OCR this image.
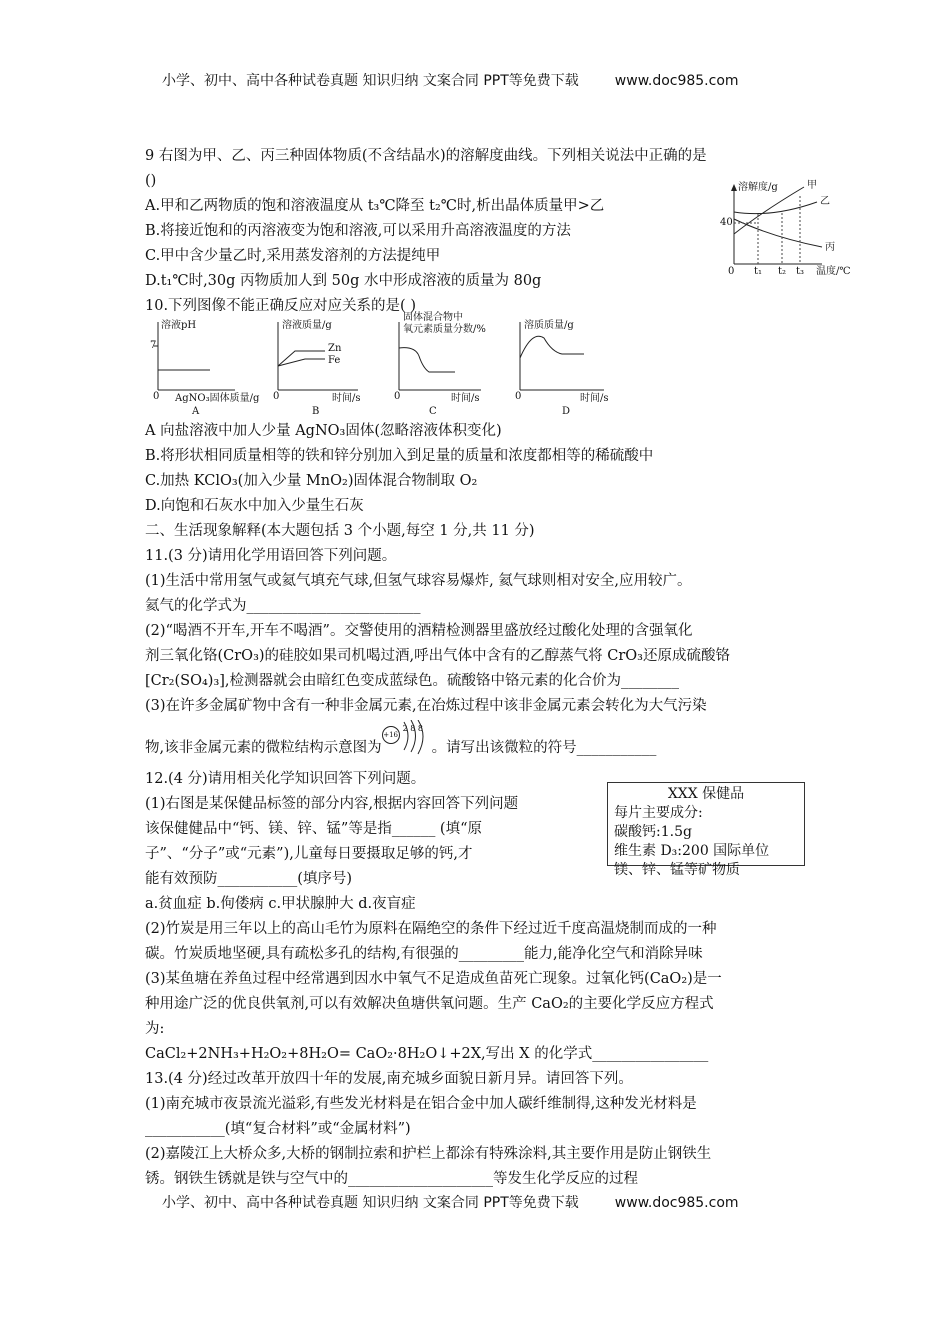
小学、初中、高中各种试卷真题 知识归纳 文案合同 PPT等免费下载	www.doc985.com
9 右图为甲、乙、丙三种固体物质(不含结晶水)的溶解度曲线。下列相关说法中正确的是
()
A.甲和乙两物质的饱和溶液温度从 t₃℃降至 t₂℃时,析出晶体质量甲>乙
B.将接近饱和的丙溶液变为饱和溶液,可以采用升高溶液温度的方法
C.甲中含少量乙时,采用蒸发溶剂的方法提纯甲
D.t₁℃时,30g 丙物质加人到 50g 水中形成溶液的质量为 80g
溶解度/g	甲
乙
丙
40
0 t₁ t₂ t₃ 温度/℃
10.下列图像不能正确反应对应关系的是( )
溶液pH
7
0 AgNO₃固体质量/g
A
溶液质量/g
Zn
Fe
0	时间/s
B
固体混合物中
氧元素质量分数/%
0	时间/s
C
溶质质量/g
0	时间/s
D
A 向盐溶液中加人少量 AgNO₃固体(忽略溶液体积变化)
B.将形状相同质量相等的铁和锌分别加入到足量的质量和浓度都相等的稀硫酸中
C.加热 KClO₃(加入少量 MnO₂)固体混合物制取 O₂
D.向饱和石灰水中加入少量生石灰
二、生活现象解释(本大题包括 3 个小题,每空 1 分,共 11 分)
11.(3 分)请用化学用语回答下列问题。
(1)生活中常用氢气或氦气填充气球,但氢气球容易爆炸, 氦气球则相对安全,应用较广。
氦气的化学式为________________________
(2)“喝酒不开车,开车不喝酒”。交警使用的酒精检测器里盛放经过酸化处理的含强氧化
剂三氧化铬(CrO₃)的硅胶如果司机喝过酒,呼出气体中含有的乙醇蒸气将 CrO₃还原成硫酸铬
[Cr₂(SO₄)₃],检测器就会由暗红色变成蓝绿色。硫酸铬中铬元素的化合价为________
(3)在许多金属矿物中含有一种非金属元素,在冶炼过程中该非金属元素会转化为大气污染
物,该非金属元素的微粒结构示意图为
+16
2 8 8
。请写出该微粒的符号___________
12.(4 分)请用相关化学知识回答下列问题。
(1)右图是某保健品标签的部分内容,根据内容回答下列问题
该保健健品中“钙、镁、锌、锰”等是指______ (填“原
子”、“分子”或“元素”),儿童每日要摄取足够的钙,才
能有效预防___________(填序号)
a.贫血症 b.佝偻病 c.甲状腺肿大 d.夜盲症
(2)竹炭是用三年以上的高山毛竹为原料在隔绝空的条件下经过近千度高温烧制而成的一种
碳。竹炭质地坚硬,具有疏松多孔的结构,有很强的_________能力,能净化空气和消除异味
(3)某鱼塘在养鱼过程中经常遇到因水中氧气不足造成鱼苗死亡现象。过氧化钙(CaO₂)是一
种用途广泛的优良供氧剂,可以有效解决鱼塘供氧问题。生产 CaO₂的主要化学反应方程式
为:
CaCl₂+2NH₃+H₂O₂+8H₂O= CaO₂·8H₂O↓+2X,写出 X 的化学式________________
XXX 保健品
每片主要成分:
碳酸钙:1.5g
维生素 D₃:200 国际单位
镁、锌、锰等矿物质
13.(4 分)经过改革开放四十年的发展,南充城乡面貌日新月异。请回答下列。
(1)南充城市夜景流光溢彩,有些发光材料是在铝合金中加人碳纤维制得,这种发光材料是
___________(填“复合材料”或“金属材料”)
(2)嘉陵江上大桥众多,大桥的钢制拉索和护栏上都涂有特殊涂料,其主要作用是防止钢铁生
锈。钢铁生锈就是铁与空气中的____________________等发生化学反应的过程
小学、初中、高中各种试卷真题 知识归纳 文案合同 PPT等免费下载	www.doc985.com
